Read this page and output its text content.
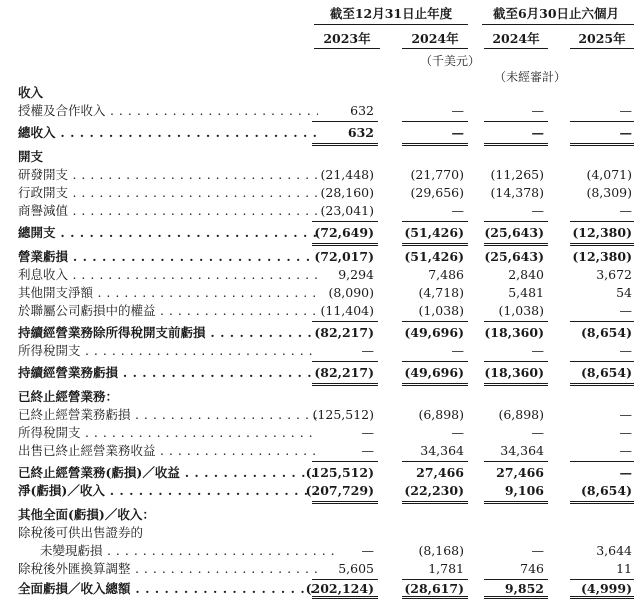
截至12月31日止年度	截至6月30日止六個月
2023年	2024年	2024年	2025年
（千美元）
（未經審計）
收入
授權及合作收入 . . .	632	—	—	—
總收入 . . .	632	—	—	—
開支
研發開支 . . .	(21,448)	(21,770)	(11,265)	(4,071)
行政開支 . . .	(28,160)	(29,656)	(14,378)	(8,309)
商譽減值 . . .	(23,041)	—	—	—
總開支 . . .	(72,649)	(51,426)	(25,643)	(12,380)
營業虧損 . . .	(72,017)	(51,426)	(25,643)	(12,380)
利息收入 . . .	9,294	7,486	2,840	3,672
其他開支淨額 . . .	(8,090)	(4,718)	5,481	54
於聯屬公司虧損中的權益 . . .	(11,404)	(1,038)	(1,038)	—
持續經營業務除所得稅開支前虧損 . . .	(82,217)	(49,696)	(18,360)	(8,654)
所得稅開支 . . .	—	—	—	—
持續經營業務虧損 . . .	(82,217)	(49,696)	(18,360)	(8,654)
已終止經營業務：
已終止經營業務虧損 . . .	(125,512)	(6,898)	(6,898)	—
所得稅開支 . . .	—	—	—	—
出售已終止經營業務收益 . . .	—	34,364	34,364	—
已終止經營業務(虧損)／收益 . . .	(125,512)	27,466	27,466	—
淨(虧損)／收入 . . .	(207,729)	(22,230)	9,106	(8,654)
其他全面(虧損)／收入：
除稅後可供出售證券的
未變現虧損 . . .	—	(8,168)	—	3,644
除稅後外匯換算調整 . . .	5,605	1,781	746	11
全面虧損／收入總額 . . .	(202,124)	(28,617)	9,852	(4,999)
